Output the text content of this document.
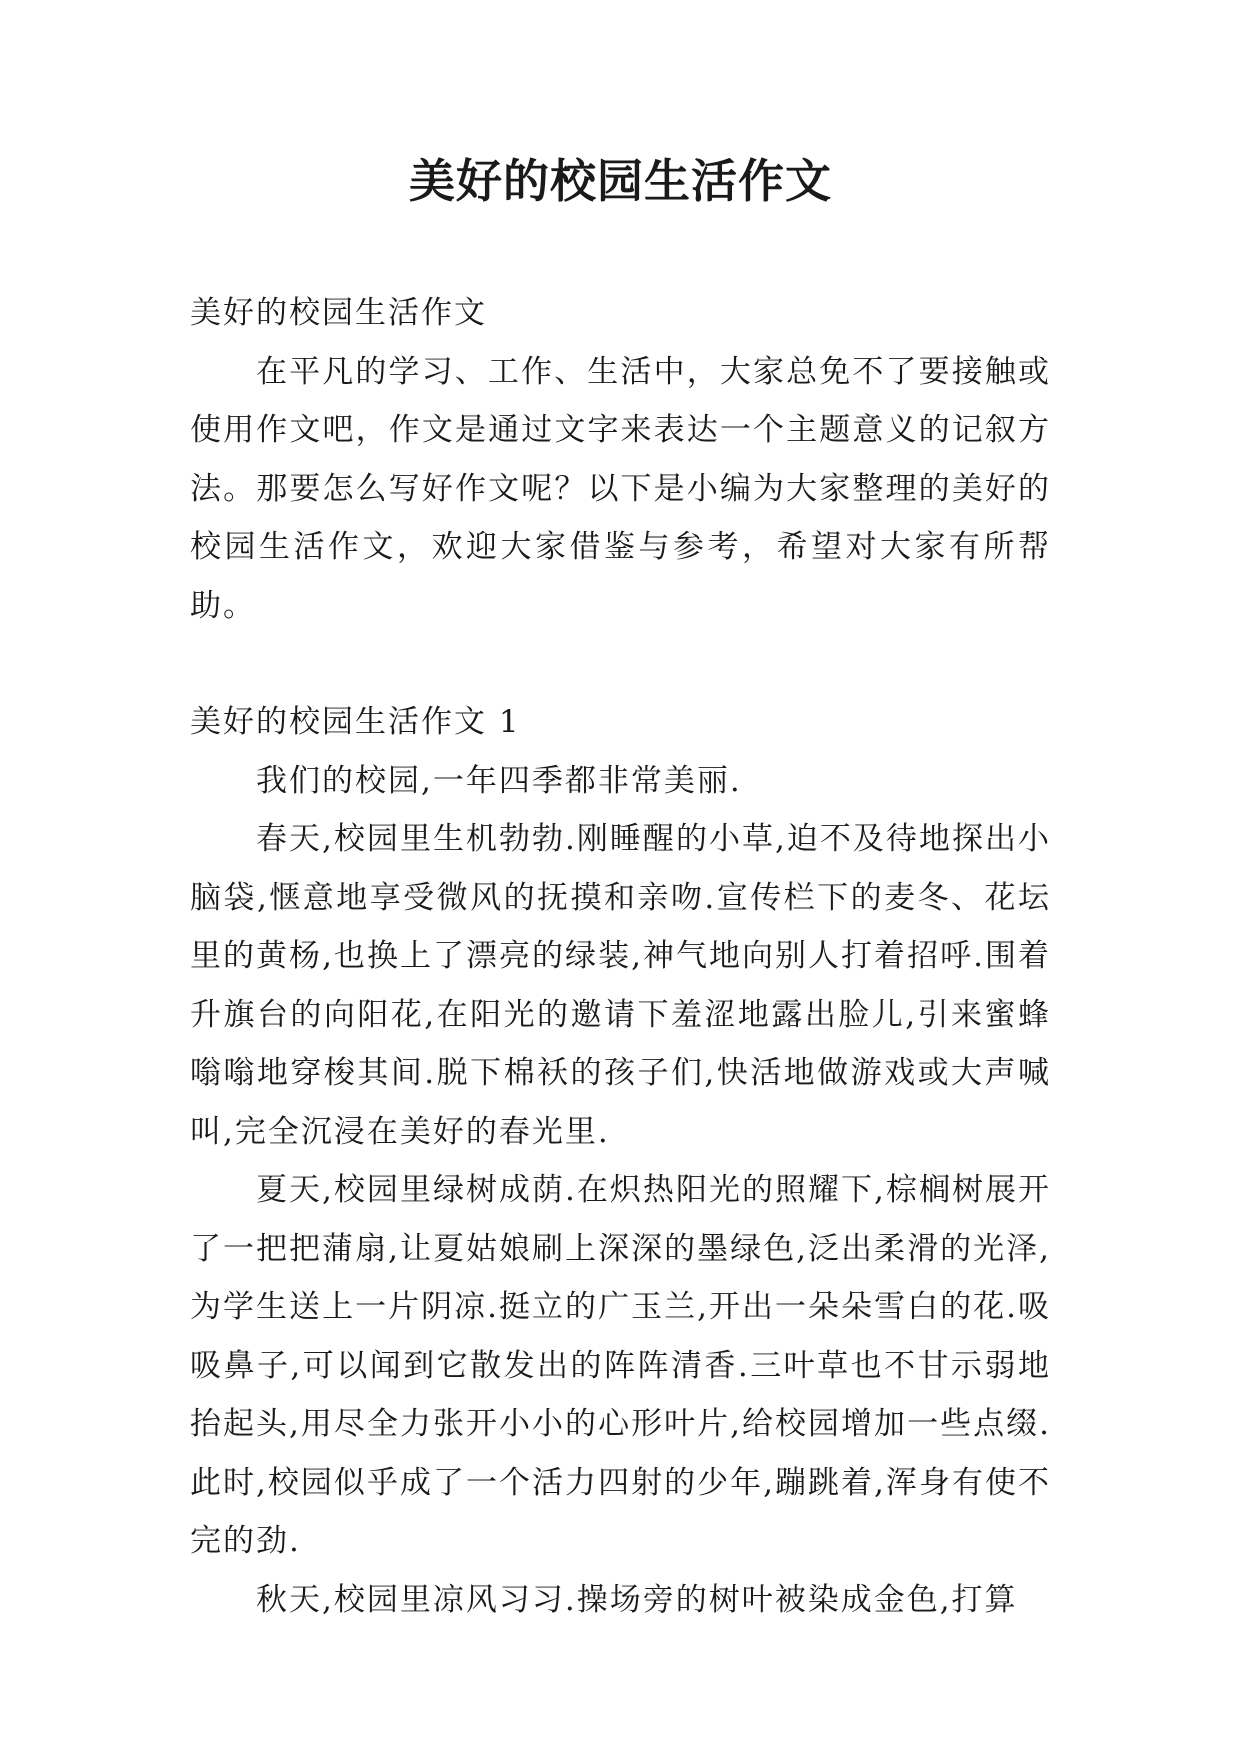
美好的校园生活作文

美好的校园生活作文

在平凡的学习、工作、生活中，大家总免不了要接触或使用作文吧，作文是通过文字来表达一个主题意义的记叙方法。那要怎么写好作文呢？以下是小编为大家整理的美好的校园生活作文，欢迎大家借鉴与参考，希望对大家有所帮助。

美好的校园生活作文 1

我们的校园,一年四季都非常美丽.

春天,校园里生机勃勃.刚睡醒的小草,迫不及待地探出小脑袋,惬意地享受微风的抚摸和亲吻.宣传栏下的麦冬、花坛里的黄杨,也换上了漂亮的绿装,神气地向别人打着招呼.围着升旗台的向阳花,在阳光的邀请下羞涩地露出脸儿,引来蜜蜂嗡嗡地穿梭其间.脱下棉袄的孩子们,快活地做游戏或大声喊叫,完全沉浸在美好的春光里.

夏天,校园里绿树成荫.在炽热阳光的照耀下,棕榈树展开了一把把蒲扇,让夏姑娘刷上深深的墨绿色,泛出柔滑的光泽,为学生送上一片阴凉.挺立的广玉兰,开出一朵朵雪白的花.吸吸鼻子,可以闻到它散发出的阵阵清香.三叶草也不甘示弱地抬起头,用尽全力张开小小的心形叶片,给校园增加一些点缀.此时,校园似乎成了一个活力四射的少年,蹦跳着,浑身有使不完的劲.

秋天,校园里凉风习习.操场旁的树叶被染成金色,打算
